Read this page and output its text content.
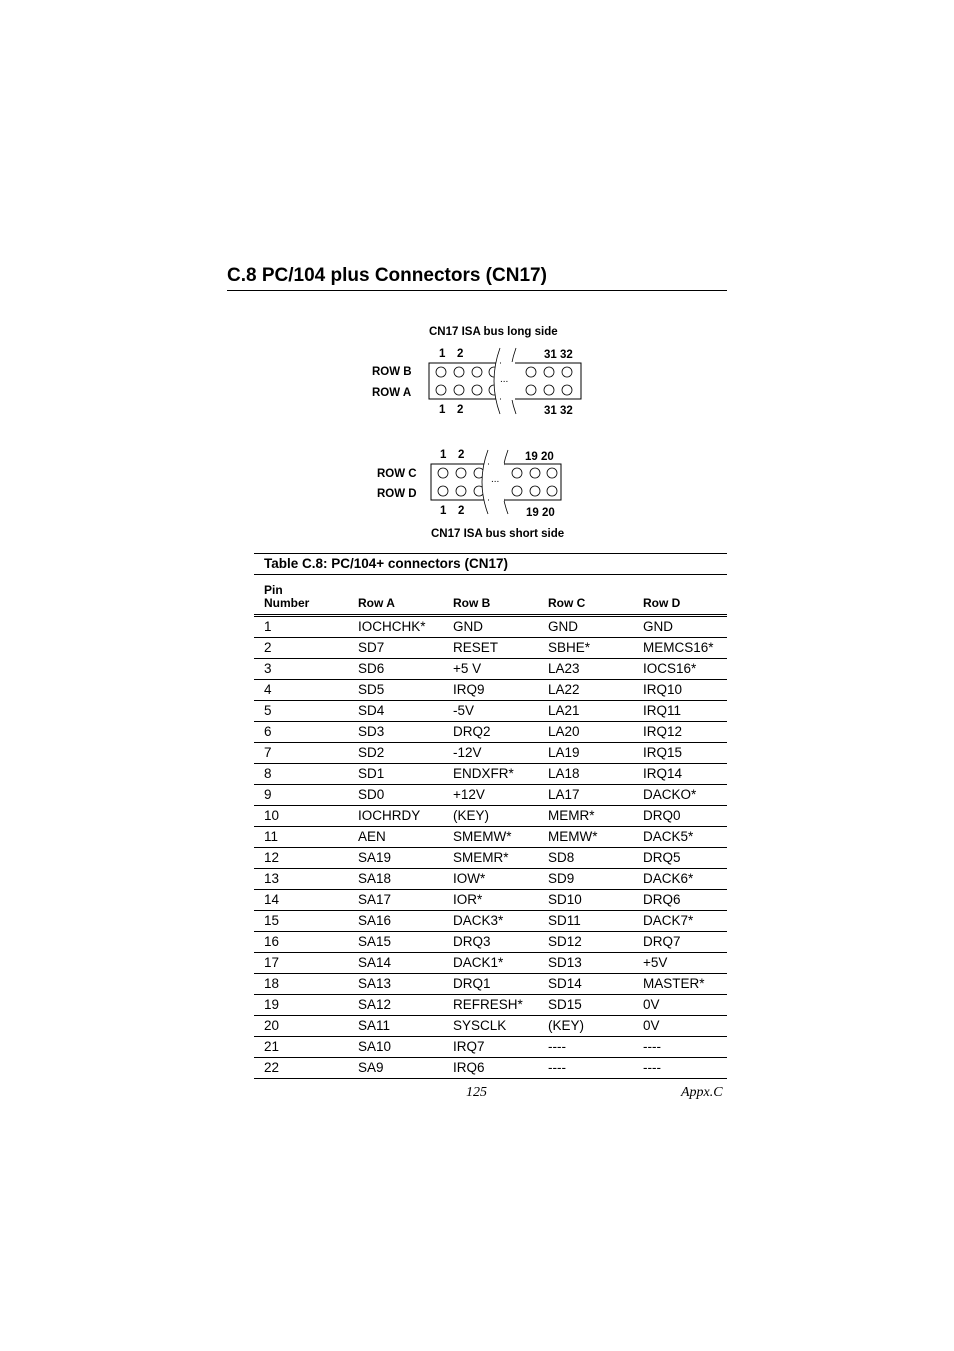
C.8 PC/104 plus Connectors (CN17)
CN17 ISA bus long side
1 2	31 32
ROW B
ROW A
...
1 2	31 32
1 2	19 20
ROW C
ROW D
...
1 2	19 20
CN17 ISA bus short side
Table C.8: PC/104+ connectors (CN17)
Pin
Number	Row A	Row B	Row C	Row D
1	IOCHCHK*	GND	GND	GND
2	SD7	RESET	SBHE*	MEMCS16*
3	SD6	+5 V	LA23	IOCS16*
4	SD5	IRQ9	LA22	IRQ10
5	SD4	-5V	LA21	IRQ11
6	SD3	DRQ2	LA20	IRQ12
7	SD2	-12V	LA19	IRQ15
8	SD1	ENDXFR*	LA18	IRQ14
9	SD0	+12V	LA17	DACKO*
10	IOCHRDY	(KEY)	MEMR*	DRQ0
11	AEN	SMEMW*	MEMW*	DACK5*
12	SA19	SMEMR*	SD8	DRQ5
13	SA18	IOW*	SD9	DACK6*
14	SA17	IOR*	SD10	DRQ6
15	SA16	DACK3*	SD11	DACK7*
16	SA15	DRQ3	SD12	DRQ7
17	SA14	DACK1*	SD13	+5V
18	SA13	DRQ1	SD14	MASTER*
19	SA12	REFRESH*	SD15	0V
20	SA11	SYSCLK	(KEY)	0V
21	SA10	IRQ7	----	----
22	SA9	IRQ6	----	----
125	Appx.C
